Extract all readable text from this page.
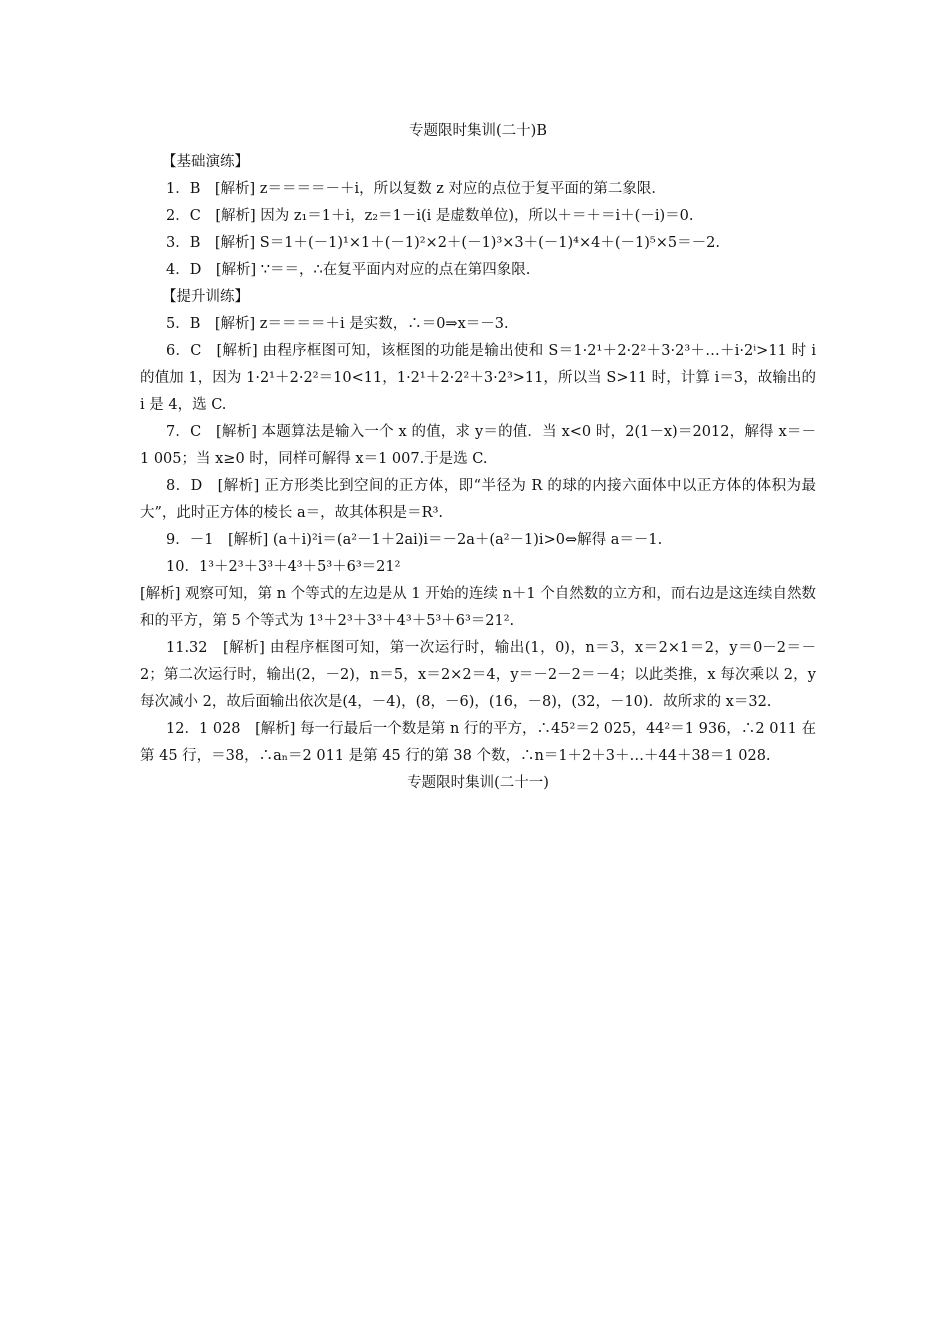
专题限时集训(二十)B
【基础演练】

1．B　[解析] z＝＝＝＝－＋i，所以复数 z 对应的点位于复平面的第二象限．

2．C　[解析] 因为 z₁＝1＋i，z₂＝1－i(i 是虚数单位)，所以＋＝＋＝i＋(－i)＝0.

3．B　[解析] S＝1＋(－1)¹×1＋(－1)²×2＋(－1)³×3＋(－1)⁴×4＋(－1)⁵×5＝－2.

4．D　[解析] ∵＝＝，∴在复平面内对应的点在第四象限.

【提升训练】

5．B　[解析] z＝＝＝＝＋i 是实数，∴＝0⇒x＝－3.

6．C　[解析] 由程序框图可知，该框图的功能是输出使和 S＝1·2¹＋2·2²＋3·2³＋…＋i·2ⁱ>11 时 i 的值加 1，因为 1·2¹＋2·2²＝10<11，1·2¹＋2·2²＋3·2³>11，所以当 S>11 时，计算 i＝3，故输出的 i 是 4，选 C.

7．C　[解析] 本题算法是输入一个 x 的值，求 y＝的值．当 x<0 时，2(1－x)＝2012，解得 x＝－1 005；当 x≥0 时，同样可解得 x＝1 007.于是选 C.

8．D　[解析] 正方形类比到空间的正方体，即“半径为 R 的球的内接六面体中以正方体的体积为最大”，此时正方体的棱长 a＝，故其体积是＝R³.

9．－1　[解析] (a＋i)²i＝(a²－1＋2ai)i＝－2a＋(a²－1)i>0⇔解得 a＝－1.

10．1³＋2³＋3³＋4³＋5³＋6³＝21²

[解析] 观察可知，第 n 个等式的左边是从 1 开始的连续 n＋1 个自然数的立方和，而右边是这连续自然数和的平方，第 5 个等式为 1³＋2³＋3³＋4³＋5³＋6³＝21².

11.32　[解析] 由程序框图可知，第一次运行时，输出(1，0)，n＝3，x＝2×1＝2，y＝0－2＝－2；第二次运行时，输出(2，－2)，n＝5，x＝2×2＝4，y＝－2－2＝－4；以此类推，x 每次乘以 2，y 每次减小 2，故后面输出依次是(4，－4)，(8，－6)，(16，－8)，(32，－10)．故所求的 x＝32.

12．1 028　[解析] 每一行最后一个数是第 n 行的平方，∴45²＝2 025，44²＝1 936，∴2 011 在第 45 行，＝38，∴aₙ＝2 011 是第 45 行的第 38 个数，∴n＝1＋2＋3＋…＋44＋38＝1 028.

专题限时集训(二十一)
